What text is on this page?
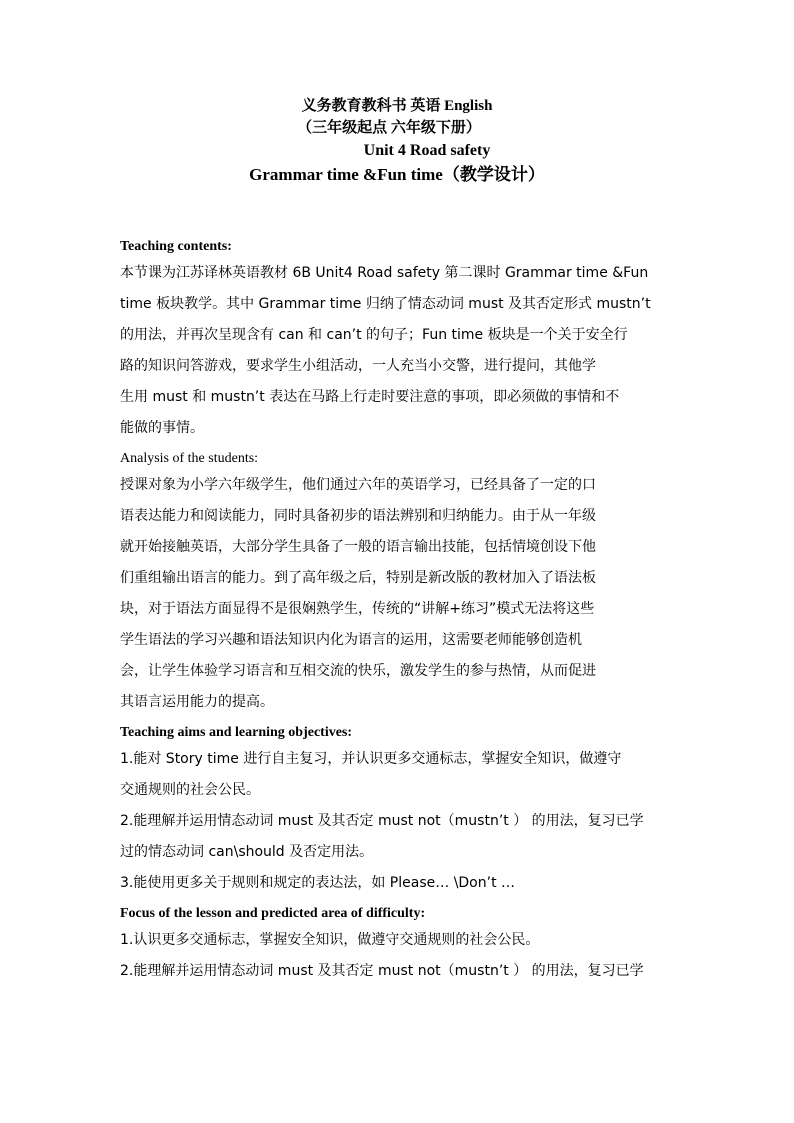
义务教育教科书 英语 English
（三年级起点 六年级下册）
Unit 4 Road safety
Grammar time &Fun time（教学设计）
Teaching contents:
本节课为江苏译林英语教材 6B Unit4 Road safety 第二课时 Grammar time &Fun
time 板块教学。其中 Grammar time 归纳了情态动词 must 及其否定形式 mustn’t
的用法，并再次呈现含有 can 和 can’t 的句子；Fun time 板块是一个关于安全行
路的知识问答游戏，要求学生小组活动，一人充当小交警，进行提问，其他学
生用 must 和 mustn’t 表达在马路上行走时要注意的事项，即必须做的事情和不
能做的事情。
Analysis of the students:
授课对象为小学六年级学生，他们通过六年的英语学习，已经具备了一定的口
语表达能力和阅读能力，同时具备初步的语法辨别和归纳能力。由于从一年级
就开始接触英语，大部分学生具备了一般的语言输出技能，包括情境创设下他
们重组输出语言的能力。到了高年级之后，特别是新改版的教材加入了语法板
块，对于语法方面显得不是很娴熟学生，传统的“讲解+练习”模式无法将这些
学生语法的学习兴趣和语法知识内化为语言的运用，这需要老师能够创造机
会，让学生体验学习语言和互相交流的快乐，激发学生的参与热情，从而促进
其语言运用能力的提高。
Teaching aims and learning objectives:
1.能对 Story time 进行自主复习，并认识更多交通标志，掌握安全知识，做遵守
交通规则的社会公民。
2.能理解并运用情态动词 must 及其否定 must not（mustn’t ） 的用法，复习已学
过的情态动词 can\should 及否定用法。
3.能使用更多关于规则和规定的表达法，如 Please… \Don’t …
Focus of the lesson and predicted area of difficulty:
1.认识更多交通标志，掌握安全知识，做遵守交通规则的社会公民。
2.能理解并运用情态动词 must 及其否定 must not（mustn’t ） 的用法，复习已学
